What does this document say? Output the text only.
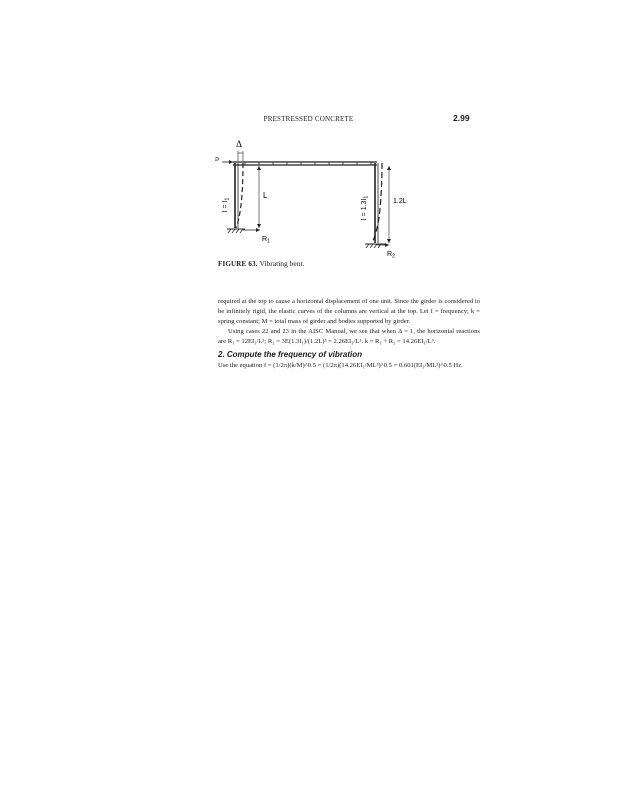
PRESTRESSED CONCRETE	2.99
Δ
υ
L
1.2L
$I = I_1$	$I = 1.3I_1$
$R_1$
$R_2$
FIGURE 63. Vibrating bent.

required at the top to cause a horizontal displacement of one unit. Since the girder is considered to be infinitely rigid, the elastic curves of the columns are vertical at the top. Let f = frequency; k = spring constant; M = total mass of girder and bodies supported by girder.

Using cases 22 and 23 in the AISC Manual, we see that when Δ = 1, the horizontal reactions are R₁ = 12EI₁/L³; R₂ = 3E(1.3I₁)/(1.2L)³ = 2.26EI₁/L³. k = R₁ + R₂ = 14.26EI₁/L³.

2. Compute the frequency of vibration
Use the equation f = (1/2π)(k/M)^0.5 = (1/2π)(14.26EI₁/ML³)^0.5 = 0.601(EI₁/ML³)^0.5 Hz.
